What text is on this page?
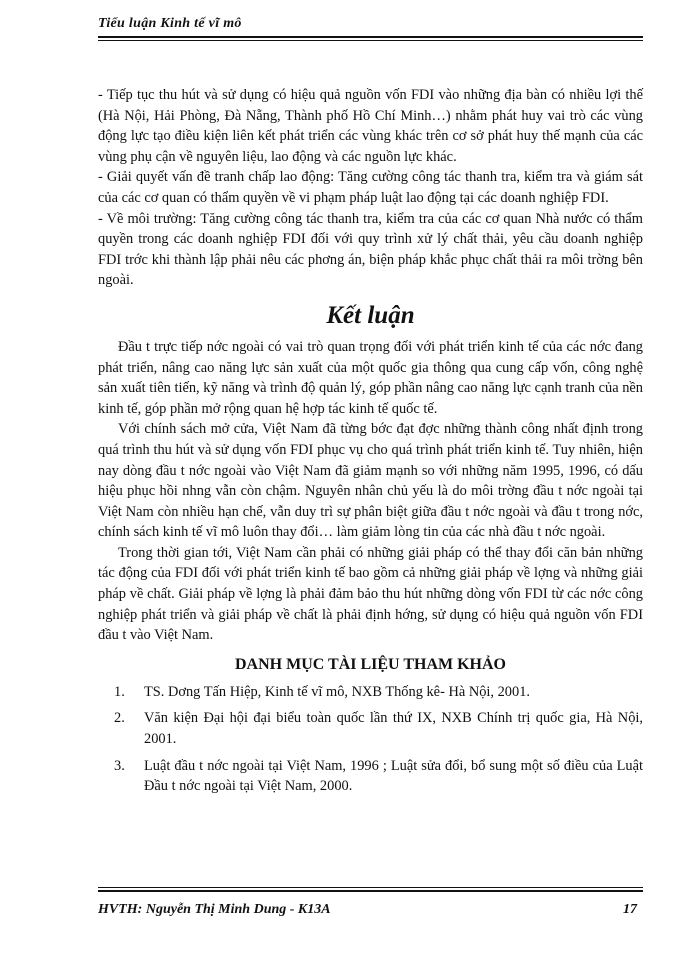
Tiểu luận Kinh tế vĩ mô

- Tiếp tục thu hút và sử dụng có hiệu quả nguồn vốn FDI vào những địa bàn có nhiều lợi thế (Hà Nội, Hải Phòng, Đà Nẵng, Thành phố Hồ Chí Minh…) nhằm phát huy vai trò các vùng động lực tạo điều kiện liên kết phát triển các vùng khác trên cơ sở phát huy thế mạnh của các vùng phụ cận về nguyên liệu, lao động và các nguồn lực khác.

- Giải quyết vấn đề tranh chấp lao động: Tăng cường công tác thanh tra, kiểm tra và giám sát của các cơ quan có thẩm quyền về vi phạm pháp luật lao động tại các doanh nghiệp FDI.

- Về môi trường: Tăng cường công tác thanh tra, kiểm tra của các cơ quan Nhà nước có thẩm quyền trong các doanh nghiệp FDI đối với quy trình xử lý chất thải, yêu cầu doanh nghiệp FDI trớc khi thành lập phải nêu các phơng án, biện pháp khắc phục chất thải ra môi trờng bên ngoài.

Kết luận

Đầu t trực tiếp nớc ngoài có vai trò quan trọng đối với phát triển kinh tế của các nớc đang phát triển, nâng cao năng lực sản xuất của một quốc gia thông qua cung cấp vốn, công nghệ sản xuất tiên tiến, kỹ năng và trình độ quản lý, góp phần nâng cao năng lực cạnh tranh của nền kinh tế, góp phần mở rộng quan hệ hợp tác kinh tế quốc tế.

Với chính sách mở cửa, Việt Nam đã từng bớc đạt đợc những thành công nhất định trong quá trình thu hút và sử dụng vốn FDI phục vụ cho quá trình phát triển kinh tế. Tuy nhiên, hiện nay dòng đầu t nớc ngoài vào Việt Nam đã giảm mạnh so với những năm 1995, 1996, có dấu hiệu phục hồi nhng vẫn còn chậm. Nguyên nhân chủ yếu là do môi trờng đầu t nớc ngoài tại Việt Nam còn nhiều hạn chế, vẫn duy trì sự phân biệt giữa đầu t nớc ngoài và đầu t trong nớc, chính sách kinh tế vĩ mô luôn thay đổi… làm giảm lòng tin của các nhà đầu t nớc ngoài.

Trong thời gian tới, Việt Nam cần phải có những giải pháp có thể thay đổi căn bản những tác động của FDI đối với phát triển kinh tế bao gồm cả những giải pháp về lợng và những giải pháp về chất. Giải pháp về lợng là phải đảm bảo thu hút những dòng vốn FDI từ các nớc công nghiệp phát triển và giải pháp về chất là phải định hớng, sử dụng có hiệu quả nguồn vốn FDI đầu t vào Việt Nam.

DANH MỤC TÀI LIỆU THAM KHẢO
1. TS. Dơng Tấn Hiệp, Kinh tế vĩ mô, NXB Thống kê- Hà Nội, 2001.
2. Văn kiện Đại hội đại biểu toàn quốc lần thứ IX, NXB Chính trị quốc gia, Hà Nội, 2001.
3. Luật đầu t nớc ngoài tại Việt Nam, 1996 ; Luật sửa đổi, bổ sung một số điều của Luật Đầu t nớc ngoài tại Việt Nam, 2000.
HVTH: Nguyễn Thị Minh Dung - K13A	17
